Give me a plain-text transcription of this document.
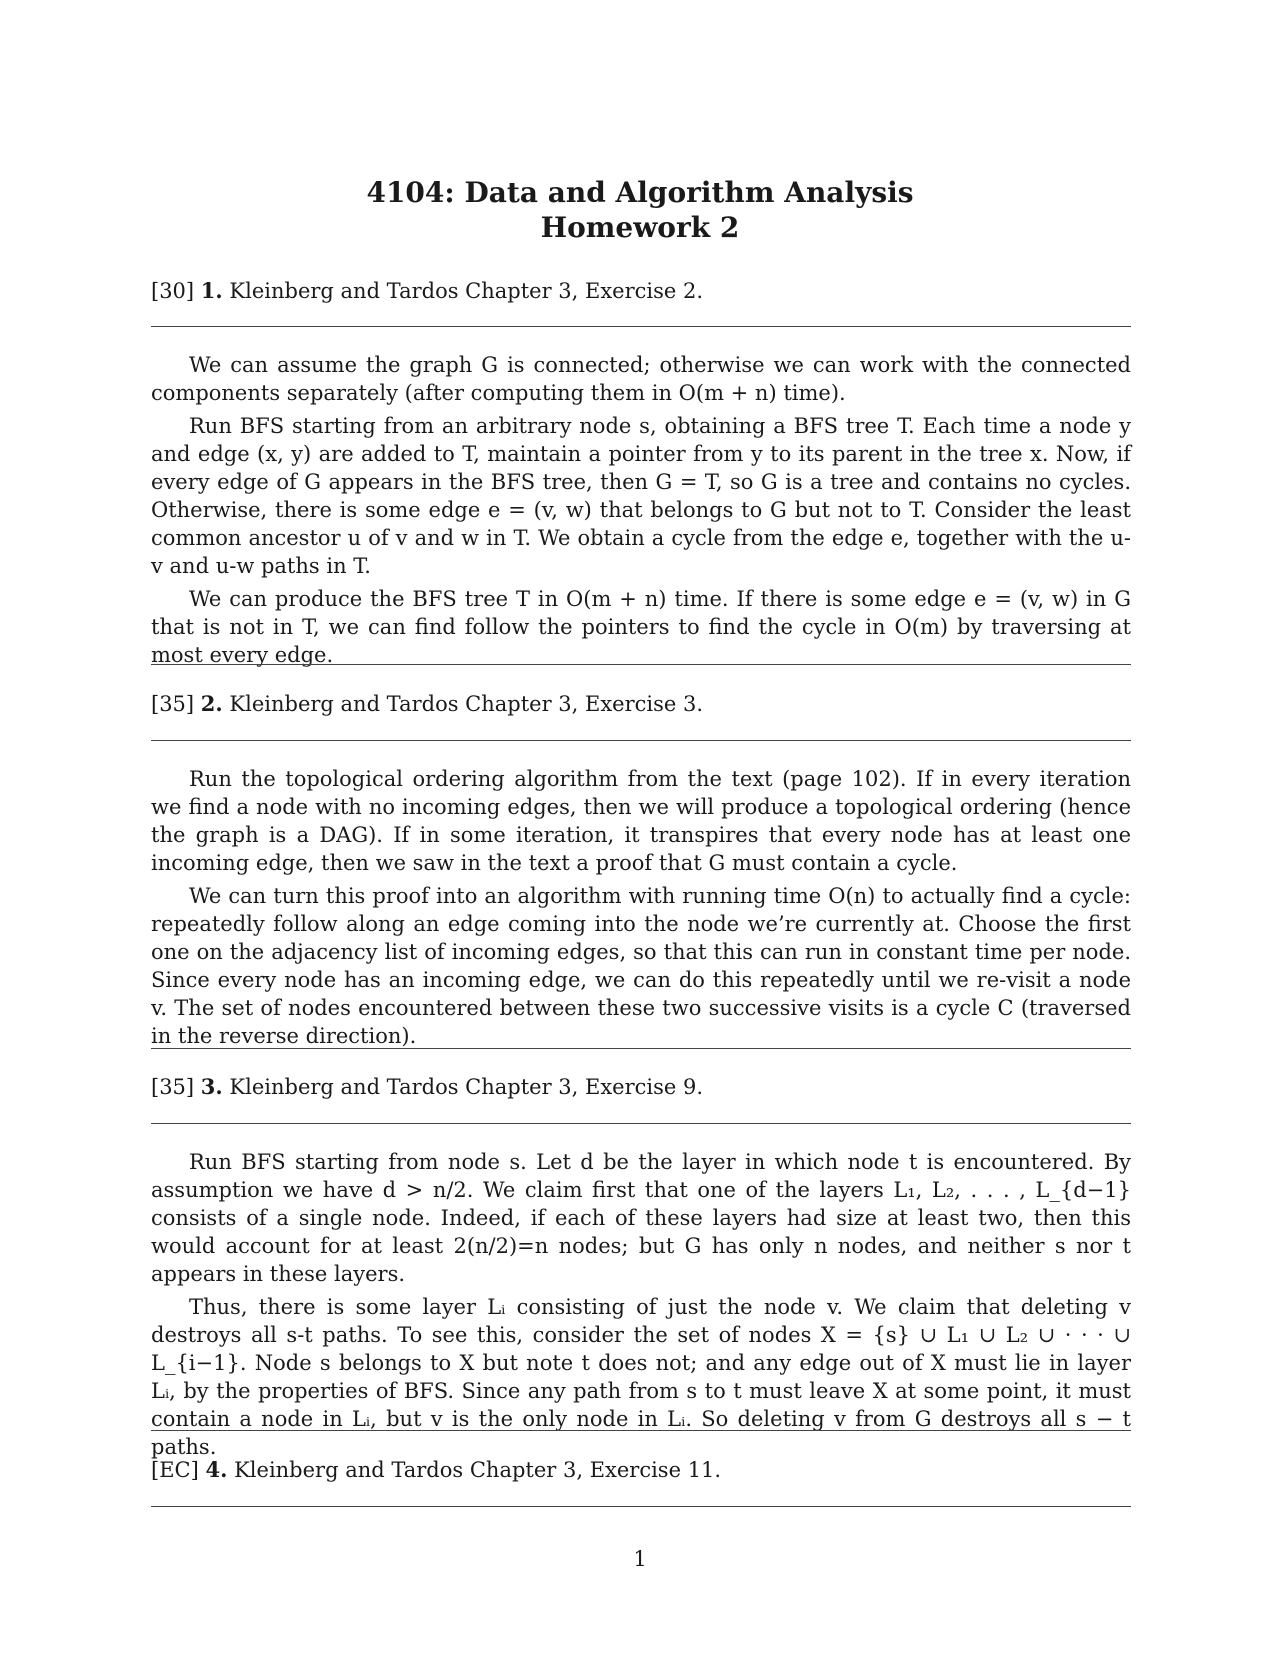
4104: Data and Algorithm Analysis
Homework 2
[30] 1. Kleinberg and Tardos Chapter 3, Exercise 2.

We can assume the graph G is connected; otherwise we can work with the connected components separately (after computing them in O(m + n) time).

Run BFS starting from an arbitrary node s, obtaining a BFS tree T. Each time a node y and edge (x, y) are added to T, maintain a pointer from y to its parent in the tree x. Now, if every edge of G appears in the BFS tree, then G = T, so G is a tree and contains no cycles. Otherwise, there is some edge e = (v, w) that belongs to G but not to T. Consider the least common ancestor u of v and w in T. We obtain a cycle from the edge e, together with the u-v and u-w paths in T.

We can produce the BFS tree T in O(m + n) time. If there is some edge e = (v, w) in G that is not in T, we can find follow the pointers to find the cycle in O(m) by traversing at most every edge.

[35] 2. Kleinberg and Tardos Chapter 3, Exercise 3.

Run the topological ordering algorithm from the text (page 102). If in every iteration we find a node with no incoming edges, then we will produce a topological ordering (hence the graph is a DAG). If in some iteration, it transpires that every node has at least one incoming edge, then we saw in the text a proof that G must contain a cycle.

We can turn this proof into an algorithm with running time O(n) to actually find a cycle: repeatedly follow along an edge coming into the node we’re currently at. Choose the first one on the adjacency list of incoming edges, so that this can run in constant time per node. Since every node has an incoming edge, we can do this repeatedly until we re-visit a node v. The set of nodes encountered between these two successive visits is a cycle C (traversed in the reverse direction).

[35] 3. Kleinberg and Tardos Chapter 3, Exercise 9.

Run BFS starting from node s. Let d be the layer in which node t is encountered. By assumption we have d > n/2. We claim first that one of the layers L₁, L₂, . . . , L_{d−1} consists of a single node. Indeed, if each of these layers had size at least two, then this would account for at least 2(n/2)=n nodes; but G has only n nodes, and neither s nor t appears in these layers.

Thus, there is some layer Lᵢ consisting of just the node v. We claim that deleting v destroys all s-t paths. To see this, consider the set of nodes X = {s} ∪ L₁ ∪ L₂ ∪ · · · ∪ L_{i−1}. Node s belongs to X but note t does not; and any edge out of X must lie in layer Lᵢ, by the properties of BFS. Since any path from s to t must leave X at some point, it must contain a node in Lᵢ, but v is the only node in Lᵢ. So deleting v from G destroys all s − t paths.

[EC] 4. Kleinberg and Tardos Chapter 3, Exercise 11.
1
